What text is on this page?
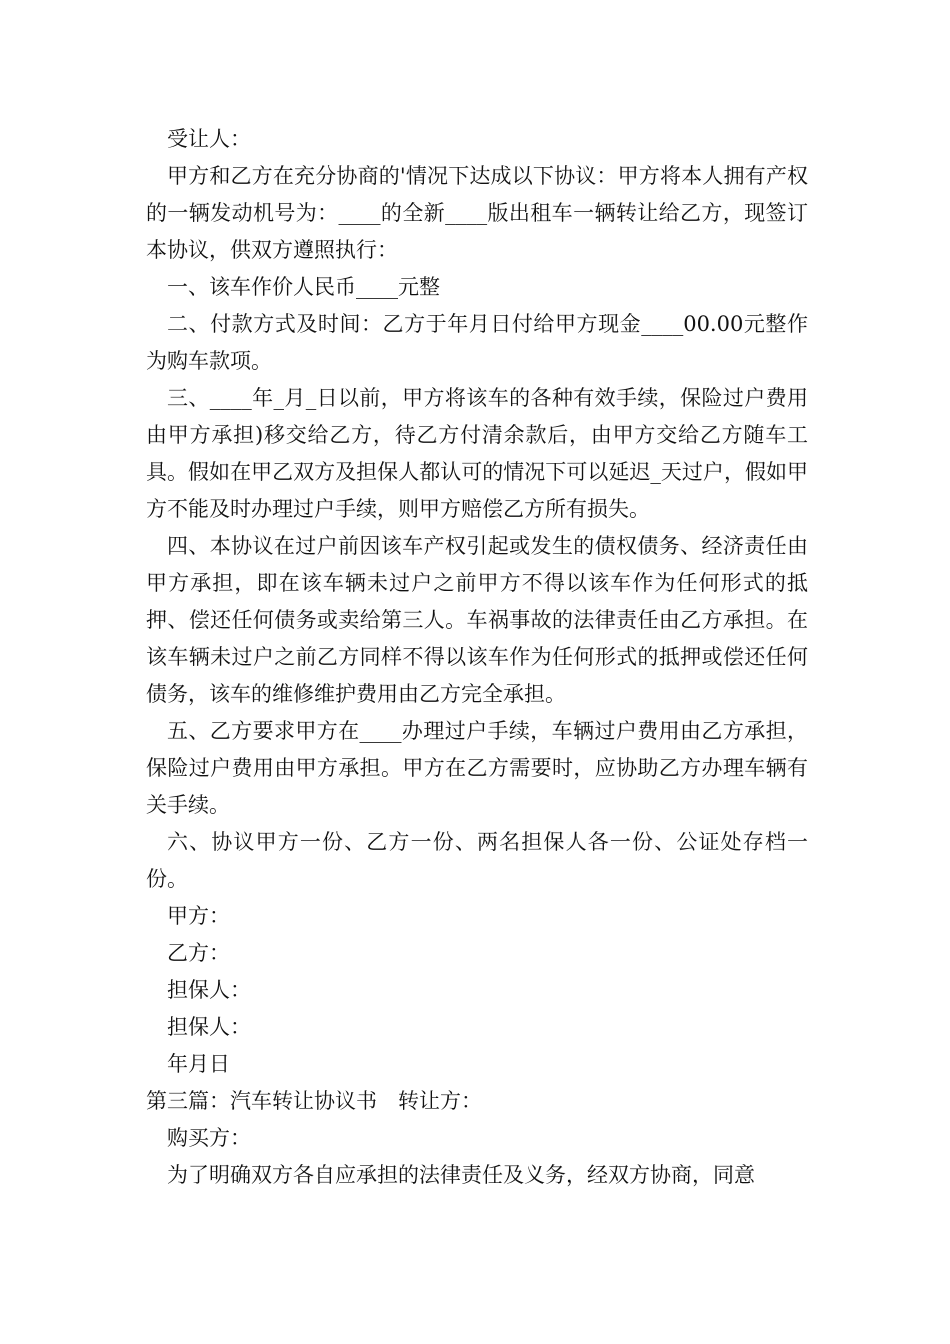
受让人：

甲方和乙方在充分协商的'情况下达成以下协议：甲方将本人拥有产权的一辆发动机号为：____的全新____版出租车一辆转让给乙方，现签订本协议，供双方遵照执行：

一、该车作价人民币____元整

二、付款方式及时间：乙方于年月日付给甲方现金____00.00元整作为购车款项。

三、____年_月_日以前，甲方将该车的各种有效手续，保险过户费用由甲方承担)移交给乙方，待乙方付清余款后，由甲方交给乙方随车工具。假如在甲乙双方及担保人都认可的情况下可以延迟_天过户，假如甲方不能及时办理过户手续，则甲方赔偿乙方所有损失。

四、本协议在过户前因该车产权引起或发生的债权债务、经济责任由甲方承担，即在该车辆未过户之前甲方不得以该车作为任何形式的抵押、偿还任何债务或卖给第三人。车祸事故的法律责任由乙方承担。在该车辆未过户之前乙方同样不得以该车作为任何形式的抵押或偿还任何债务，该车的维修维护费用由乙方完全承担。

五、乙方要求甲方在____办理过户手续，车辆过户费用由乙方承担，保险过户费用由甲方承担。甲方在乙方需要时，应协助乙方办理车辆有关手续。

六、协议甲方一份、乙方一份、两名担保人各一份、公证处存档一份。

甲方：

乙方：

担保人：

担保人：

年月日

第三篇：汽车转让协议书　转让方：

购买方：

为了明确双方各自应承担的法律责任及义务，经双方协商，同意
